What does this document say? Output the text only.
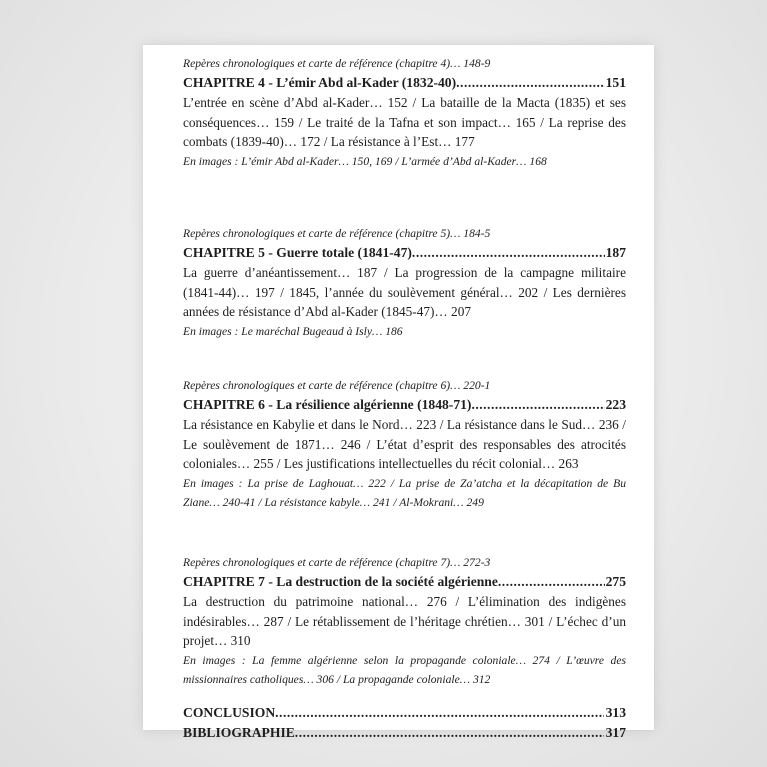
Repères chronologiques et carte de référence (chapitre 4)… 148-9
CHAPITRE 4 - L’émir Abd al-Kader (1832-40) .....	151

L’entrée en scène d’Abd al-Kader… 152 / La bataille de la Macta (1835) et ses conséquences… 159 / Le traité de la Tafna et son impact… 165 / La reprise des combats (1839-40)… 172 / La résistance à l’Est… 177

En images : L’émir Abd al-Kader… 150, 169 / L’armée d’Abd al-Kader… 168

Repères chronologiques et carte de référence (chapitre 5)… 184-5
CHAPITRE 5 - Guerre totale (1841-47) .....	187

La guerre d’anéantissement… 187 / La progression de la campagne militaire (1841-44)… 197 / 1845, l’année du soulèvement général… 202 / Les dernières années de résistance d’Abd al-Kader (1845-47)… 207

En images : Le maréchal Bugeaud à Isly… 186

Repères chronologiques et carte de référence (chapitre 6)… 220-1
CHAPITRE 6 - La résilience algérienne (1848-71) .....	223

La résistance en Kabylie et dans le Nord… 223 / La résistance dans le Sud… 236 / Le soulèvement de 1871… 246 / L’état d’esprit des responsables des atrocités coloniales… 255 / Les justifications intellectuelles du récit colonial… 263

En images : La prise de Laghouat… 222 / La prise de Za’atcha et la décapitation de Bu Ziane… 240-41 / La résistance kabyle… 241 / Al-Mokrani… 249

Repères chronologiques et carte de référence (chapitre 7)… 272-3
CHAPITRE 7 - La destruction de la société algérienne .....	275

La destruction du patrimoine national… 276 / L’élimination des indigènes indésirables… 287 / Le rétablissement de l’héritage chrétien… 301 / L’échec d’un projet… 310

En images : La femme algérienne selon la propagande coloniale… 274 / L’œuvre des missionnaires catholiques… 306 / La propagande coloniale… 312

CONCLUSION .....	313
BIBLIOGRAPHIE .....	317
